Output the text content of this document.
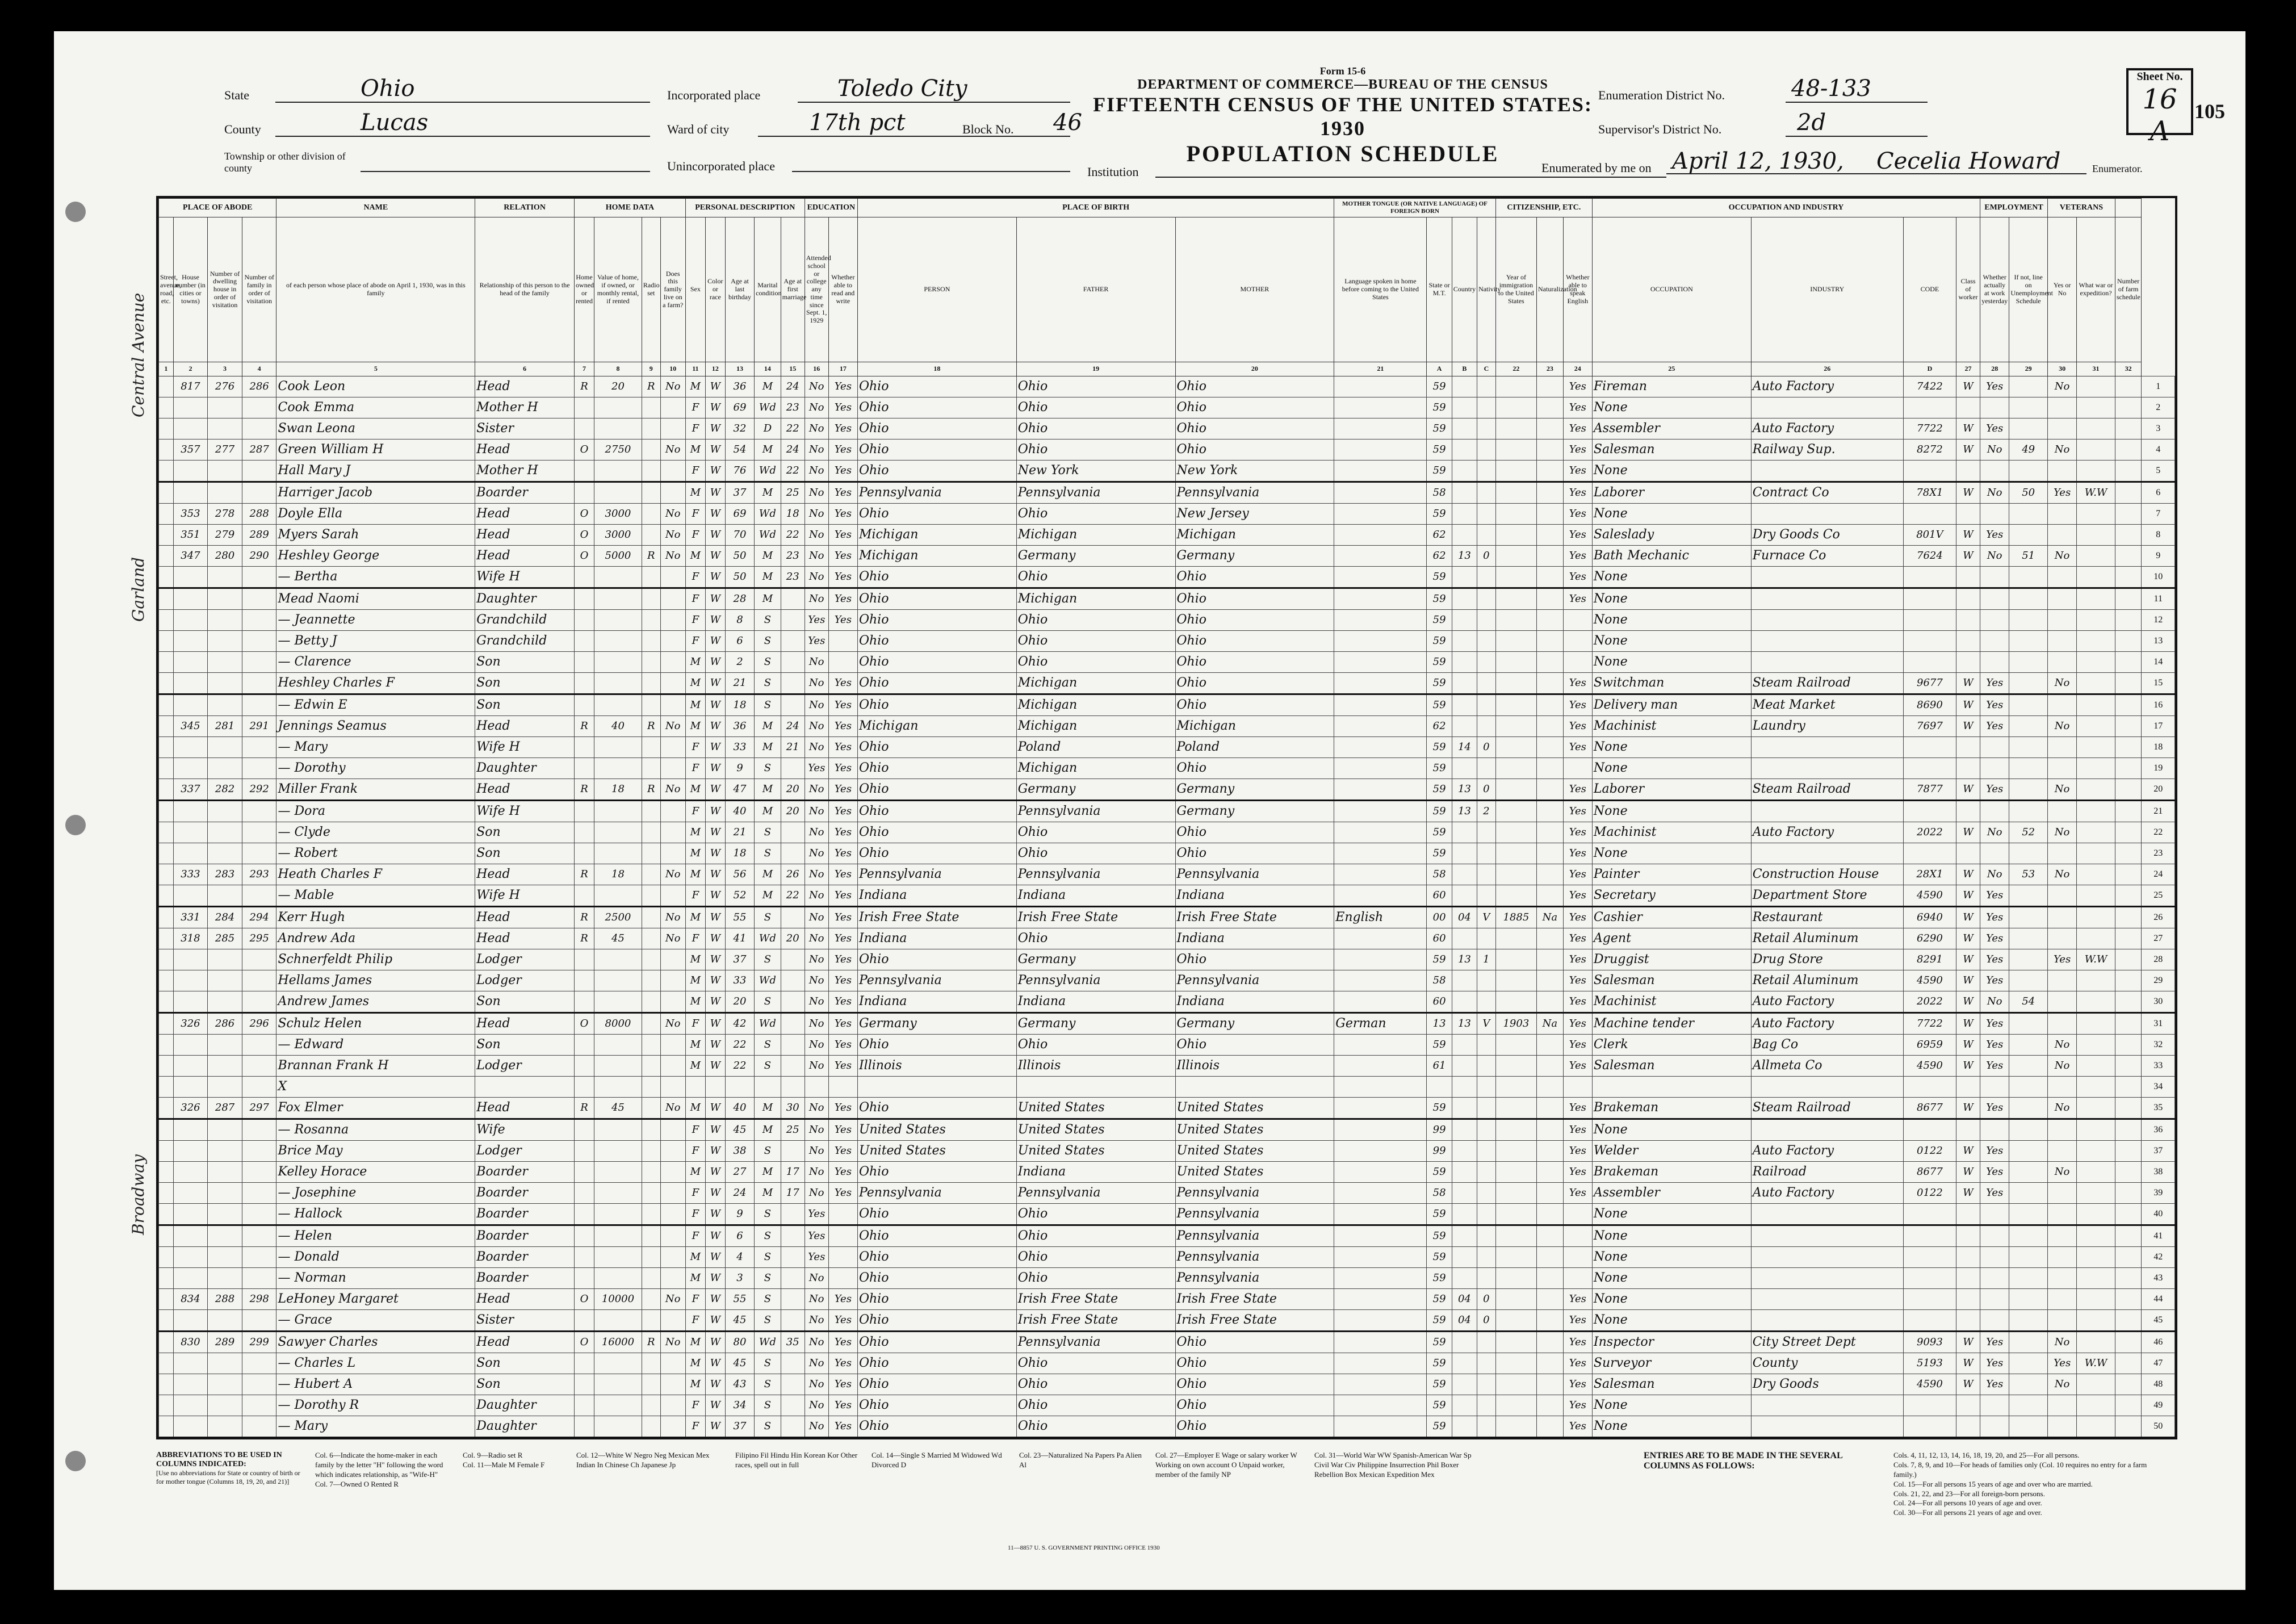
State	Ohio
County	Lucas
Township or other division of county
Incorporated place	Toledo City
Ward of city	17th pct	Block No. 46
Unincorporated place
Form 15-6
DEPARTMENT OF COMMERCE—BUREAU OF THE CENSUS
FIFTEENTH CENSUS OF THE UNITED STATES: 1930
POPULATION SCHEDULE
Institution
Enumeration District No.	48-133
Supervisor's District No.	2d
Enumerated by me on April 12, 1930, Cecelia Howard	Enumerator.
Sheet No.
16 A
105
PLACE OF ABODE				NAME	RELATION	HOME DATA				PERSONAL DESCRIPTION					EDUCATION		PLACE OF BIRTH			MOTHER TONGUE (OR NATIVE LANGUAGE) OF FOREIGN BORN				CITIZENSHIP, ETC.			OCCUPATION AND INDUSTRY				EMPLOYMENT		VETERANS			
Street, avenue, road, etc.	House number (in cities or towns)	Number of dwelling house in order of visitation	Number of family in order of visitation	of each person whose place of abode on April 1, 1930, was in this family	Relationship of this person to the head of the family	Home owned or rented	Value of home, if owned, or monthly rental, if rented	Radio set	Does this family live on a farm?	Sex	Color or race	Age at last birthday	Marital condition	Age at first marriage	Attended school or college any time since Sept. 1, 1929	Whether able to read and write	PERSON	FATHER	MOTHER	Language spoken in home before coming to the United States	State or M.T.	Country	Nativity	Year of immigration to the United States	Naturalization	Whether able to speak English	OCCUPATION	INDUSTRY	CODE	Class of worker	Whether actually at work yesterday	If not, line on Unemployment Schedule	Yes or No	What war or expedition?	Number of farm schedule	
1	2	3	4	5	6	7	8	9	10	11	12	13	14	15	16	17	18	19	20	21	A	B	C	22	23	24	25	26	D	27	28	29	30	31	32	
	817	276	286	Cook Leon	Head	R	20	R	No	M	W	36	M	24	No	Yes	Ohio	Ohio	Ohio		59					Yes	Fireman	Auto Factory	7422	W	Yes		No			1
				Cook Emma	Mother H					F	W	69	Wd	23	No	Yes	Ohio	Ohio	Ohio		59					Yes	None									2
				Swan Leona	Sister					F	W	32	D	22	No	Yes	Ohio	Ohio	Ohio		59					Yes	Assembler	Auto Factory	7722	W	Yes					3
	357	277	287	Green William H	Head	O	2750		No	M	W	54	M	24	No	Yes	Ohio	Ohio	Ohio		59					Yes	Salesman	Railway Sup.	8272	W	No	49	No			4
				Hall Mary J	Mother H					F	W	76	Wd	22	No	Yes	Ohio	New York	New York		59					Yes	None									5
				Harriger Jacob	Boarder					M	W	37	M	25	No	Yes	Pennsylvania	Pennsylvania	Pennsylvania		58					Yes	Laborer	Contract Co	78X1	W	No	50	Yes	W.W		6
	353	278	288	Doyle Ella	Head	O	3000		No	F	W	69	Wd	18	No	Yes	Ohio	Ohio	New Jersey		59					Yes	None									7
	351	279	289	Myers Sarah	Head	O	3000		No	F	W	70	Wd	22	No	Yes	Michigan	Michigan	Michigan		62					Yes	Saleslady	Dry Goods Co	801V	W	Yes					8
	347	280	290	Heshley George	Head	O	5000	R	No	M	W	50	M	23	No	Yes	Michigan	Germany	Germany		62	13	0			Yes	Bath Mechanic	Furnace Co	7624	W	No	51	No			9
				— Bertha	Wife H					F	W	50	M	23	No	Yes	Ohio	Ohio	Ohio		59					Yes	None									10
				Mead Naomi	Daughter					F	W	28	M		No	Yes	Ohio	Michigan	Ohio		59					Yes	None									11
				— Jeannette	Grandchild					F	W	8	S		Yes	Yes	Ohio	Ohio	Ohio		59						None									12
				— Betty J	Grandchild					F	W	6	S		Yes		Ohio	Ohio	Ohio		59						None									13
				— Clarence	Son					M	W	2	S		No		Ohio	Ohio	Ohio		59						None									14
				Heshley Charles F	Son					M	W	21	S		No	Yes	Ohio	Michigan	Ohio		59					Yes	Switchman	Steam Railroad	9677	W	Yes		No			15
				— Edwin E	Son					M	W	18	S		No	Yes	Ohio	Michigan	Ohio		59					Yes	Delivery man	Meat Market	8690	W	Yes					16
	345	281	291	Jennings Seamus	Head	R	40	R	No	M	W	36	M	24	No	Yes	Michigan	Michigan	Michigan		62					Yes	Machinist	Laundry	7697	W	Yes		No			17
				— Mary	Wife H					F	W	33	M	21	No	Yes	Ohio	Poland	Poland		59	14	0			Yes	None									18
				— Dorothy	Daughter					F	W	9	S		Yes	Yes	Ohio	Michigan	Ohio		59						None									19
	337	282	292	Miller Frank	Head	R	18	R	No	M	W	47	M	20	No	Yes	Ohio	Germany	Germany		59	13	0			Yes	Laborer	Steam Railroad	7877	W	Yes		No			20
				— Dora	Wife H					F	W	40	M	20	No	Yes	Ohio	Pennsylvania	Germany		59	13	2			Yes	None									21
				— Clyde	Son					M	W	21	S		No	Yes	Ohio	Ohio	Ohio		59					Yes	Machinist	Auto Factory	2022	W	No	52	No			22
				— Robert	Son					M	W	18	S		No	Yes	Ohio	Ohio	Ohio		59					Yes	None									23
	333	283	293	Heath Charles F	Head	R	18		No	M	W	56	M	26	No	Yes	Pennsylvania	Pennsylvania	Pennsylvania		58					Yes	Painter	Construction House	28X1	W	No	53	No			24
				— Mable	Wife H					F	W	52	M	22	No	Yes	Indiana	Indiana	Indiana		60					Yes	Secretary	Department Store	4590	W	Yes					25
	331	284	294	Kerr Hugh	Head	R	2500		No	M	W	55	S		No	Yes	Irish Free State	Irish Free State	Irish Free State	English	00	04	V	1885	Na	Yes	Cashier	Restaurant	6940	W	Yes					26
	318	285	295	Andrew Ada	Head	R	45		No	F	W	41	Wd	20	No	Yes	Indiana	Ohio	Indiana		60					Yes	Agent	Retail Aluminum	6290	W	Yes					27
				Schnerfeldt Philip	Lodger					M	W	37	S		No	Yes	Ohio	Germany	Ohio		59	13	1			Yes	Druggist	Drug Store	8291	W	Yes		Yes	W.W		28
				Hellams James	Lodger					M	W	33	Wd		No	Yes	Pennsylvania	Pennsylvania	Pennsylvania		58					Yes	Salesman	Retail Aluminum	4590	W	Yes					29
				Andrew James	Son					M	W	20	S		No	Yes	Indiana	Indiana	Indiana		60					Yes	Machinist	Auto Factory	2022	W	No	54				30
	326	286	296	Schulz Helen	Head	O	8000		No	F	W	42	Wd		No	Yes	Germany	Germany	Germany	German	13	13	V	1903	Na	Yes	Machine tender	Auto Factory	7722	W	Yes					31
				— Edward	Son					M	W	22	S		No	Yes	Ohio	Ohio	Ohio		59					Yes	Clerk	Bag Co	6959	W	Yes		No			32
				Brannan Frank H	Lodger					M	W	22	S		No	Yes	Illinois	Illinois	Illinois		61					Yes	Salesman	Allmeta Co	4590	W	Yes		No			33
				X																																34
	326	287	297	Fox Elmer	Head	R	45		No	M	W	40	M	30	No	Yes	Ohio	United States	United States		59					Yes	Brakeman	Steam Railroad	8677	W	Yes		No			35
				— Rosanna	Wife					F	W	45	M	25	No	Yes	United States	United States	United States		99					Yes	None									36
				Brice May	Lodger					F	W	38	S		No	Yes	United States	United States	United States		99					Yes	Welder	Auto Factory	0122	W	Yes					37
				Kelley Horace	Boarder					M	W	27	M	17	No	Yes	Ohio	Indiana	United States		59					Yes	Brakeman	Railroad	8677	W	Yes		No			38
				— Josephine	Boarder					F	W	24	M	17	No	Yes	Pennsylvania	Pennsylvania	Pennsylvania		58					Yes	Assembler	Auto Factory	0122	W	Yes					39
				— Hallock	Boarder					F	W	9	S		Yes		Ohio	Ohio	Pennsylvania		59						None									40
				— Helen	Boarder					F	W	6	S		Yes		Ohio	Ohio	Pennsylvania		59						None									41
				— Donald	Boarder					M	W	4	S		Yes		Ohio	Ohio	Pennsylvania		59						None									42
				— Norman	Boarder					M	W	3	S		No		Ohio	Ohio	Pennsylvania		59						None									43
	834	288	298	LeHoney Margaret	Head	O	10000		No	F	W	55	S		No	Yes	Ohio	Irish Free State	Irish Free State		59	04	0			Yes	None									44
				— Grace	Sister					F	W	45	S		No	Yes	Ohio	Irish Free State	Irish Free State		59	04	0			Yes	None									45
	830	289	299	Sawyer Charles	Head	O	16000	R	No	M	W	80	Wd	35	No	Yes	Ohio	Pennsylvania	Ohio		59					Yes	Inspector	City Street Dept	9093	W	Yes		No			46
				— Charles L	Son					M	W	45	S		No	Yes	Ohio	Ohio	Ohio		59					Yes	Surveyor	County	5193	W	Yes		Yes	W.W		47
				— Hubert A	Son					M	W	43	S		No	Yes	Ohio	Ohio	Ohio		59					Yes	Salesman	Dry Goods	4590	W	Yes		No			48
				— Dorothy R	Daughter					F	W	34	S		No	Yes	Ohio	Ohio	Ohio		59					Yes	None									49
				— Mary	Daughter					F	W	37	S		No	Yes	Ohio	Ohio	Ohio		59					Yes	None									50
Central Avenue
Garland
Broadway
ABBREVIATIONS TO BE USED IN COLUMNS INDICATED:
[Use no abbreviations for State or country of birth or for mother tongue (Columns 18, 19, 20, and 21)]
Col. 6—Indicate the home-maker in each family by the letter "H" following the word which indicates relationship, as "Wife-H"
Col. 7—Owned O Rented R
Col. 9—Radio set R
Col. 11—Male M Female F
Col. 12—White W Negro Neg Mexican Mex Indian In Chinese Ch Japanese Jp
Filipino Fil Hindu Hin Korean Kor Other races, spell out in full
Col. 14—Single S Married M Widowed Wd Divorced D
Col. 23—Naturalized Na Papers Pa Alien Al
Col. 27—Employer E Wage or salary worker W Working on own account O Unpaid worker, member of the family NP
Col. 31—World War WW Spanish-American War Sp Civil War Civ Philippine Insurrection Phil Boxer Rebellion Box Mexican Expedition Mex
ENTRIES ARE TO BE MADE IN THE SEVERAL COLUMNS AS FOLLOWS:
Cols. 4, 11, 12, 13, 14, 16, 18, 19, 20, and 25—For all persons.
Cols. 7, 8, 9, and 10—For heads of families only (Col. 10 requires no entry for a farm family.)
Col. 15—For all persons 15 years of age and over who are married.
Cols. 21, 22, and 23—For all foreign-born persons.
Col. 24—For all persons 10 years of age and over.
Col. 30—For all persons 21 years of age and over.
11—8857 U. S. GOVERNMENT PRINTING OFFICE 1930
